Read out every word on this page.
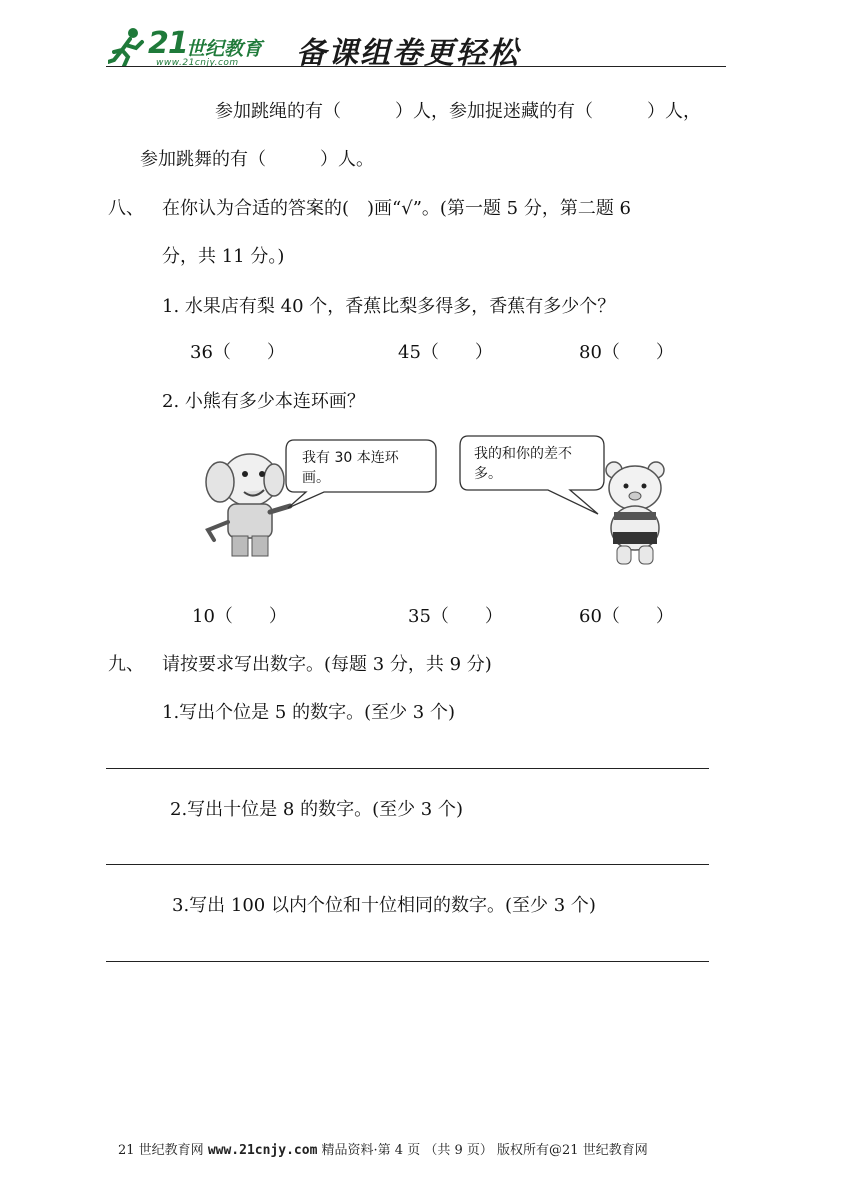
21
世纪教育
www.21cnjy.com 备课组卷更轻松
参加跳绳的有（　　　）人，参加捉迷藏的有（　　　）人，
参加跳舞的有（　　　）人。
八、 在你认为合适的答案的(　)画“√”。(第一题 5 分，第二题 6
分，共 11 分。)
1. 水果店有梨 40 个，香蕉比梨多得多，香蕉有多少个？
36（　　）	45（　　）	80（　　）
2. 小熊有多少本连环画？
我有 30 本连环
画。
我的和你的差不
多。
10（　　）	35（　　）	60（　　）
九、 请按要求写出数字。(每题 3 分，共 9 分)
1.写出个位是 5 的数字。(至少 3 个)
2.写出十位是 8 的数字。(至少 3 个)
3.写出 100 以内个位和十位相同的数字。(至少 3 个)
21 世纪教育网 www.21cnjy.com 精品资料·第 4 页 （共 9 页） 版权所有@21 世纪教育网
